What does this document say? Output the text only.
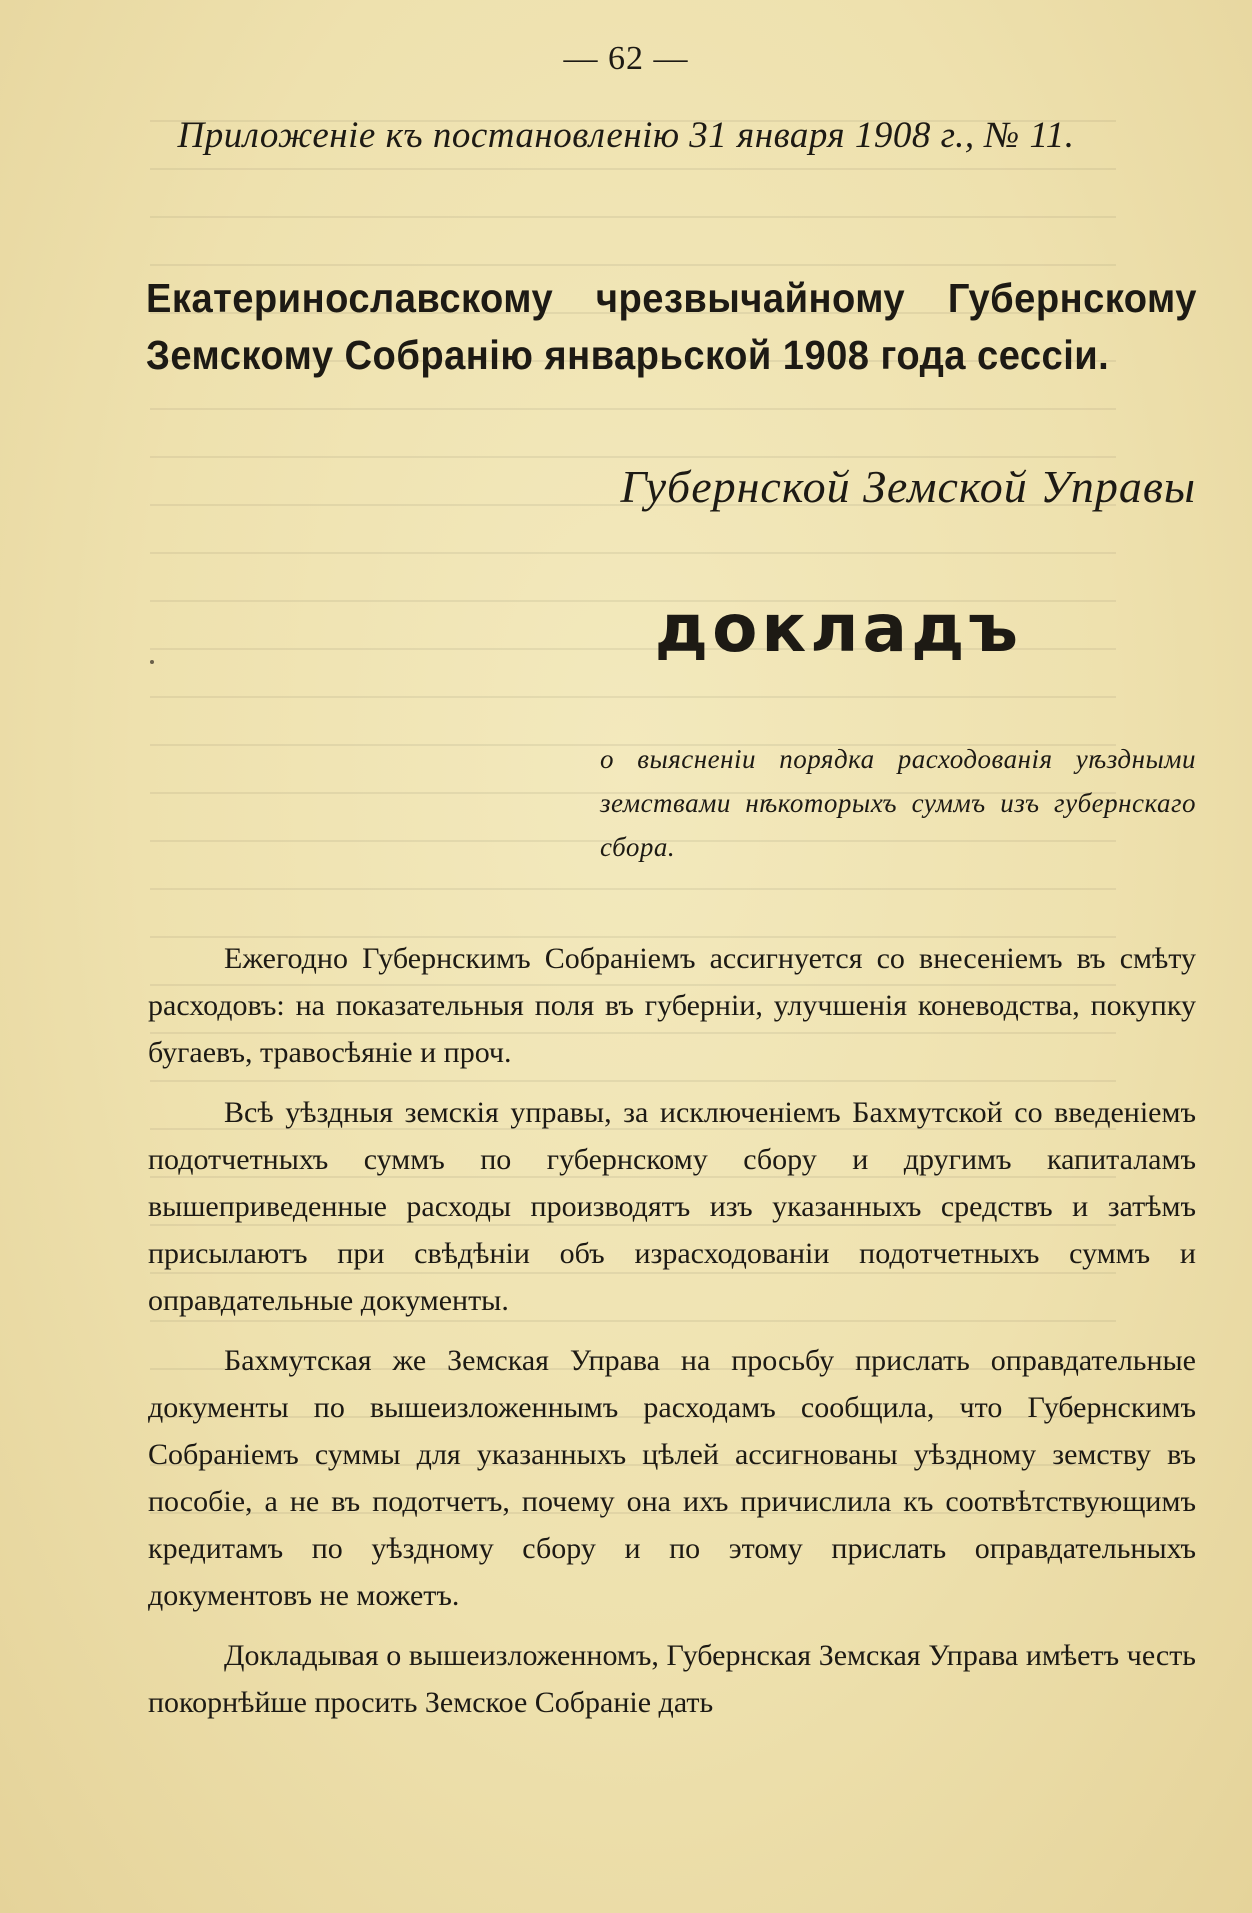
— 62 —
Приложеніе къ постановленію 31 января 1908 г., № 11.
Екатеринославскому чрезвычайному Губернскому
Земскому Собранію январьской 1908 года сессіи.
Губернской Земской Управы
докладъ
о выясненіи порядка расходованія уѣздными земствами нѣкоторыхъ суммъ изъ губернскаго сбора.

Ежегодно Губернскимъ Собраніемъ ассигнуется со внесеніемъ въ смѣту расходовъ: на показательныя поля въ губерніи, улучшенія коневодства, покупку бугаевъ, травосѣяніе и проч.

Всѣ уѣздныя земскія управы, за исключеніемъ Бахмутской со введеніемъ подотчетныхъ суммъ по губернскому сбору и другимъ капиталамъ вышеприведенные расходы производятъ изъ указанныхъ средствъ и затѣмъ присылаютъ при свѣдѣніи объ израсходованіи подотчетныхъ суммъ и оправдательные документы.

Бахмутская же Земская Управа на просьбу прислать оправдательные документы по вышеизложеннымъ расходамъ сообщила, что Губернскимъ Собраніемъ суммы для указанныхъ цѣлей ассигнованы уѣздному земству въ пособіе, а не въ подотчетъ, почему она ихъ причислила къ соотвѣтствующимъ кредитамъ по уѣздному сбору и по этому прислать оправдательныхъ документовъ не можетъ.

Докладывая о вышеизложенномъ, Губернская Земская Управа имѣетъ честь покорнѣйше просить Земское Собраніе дать
